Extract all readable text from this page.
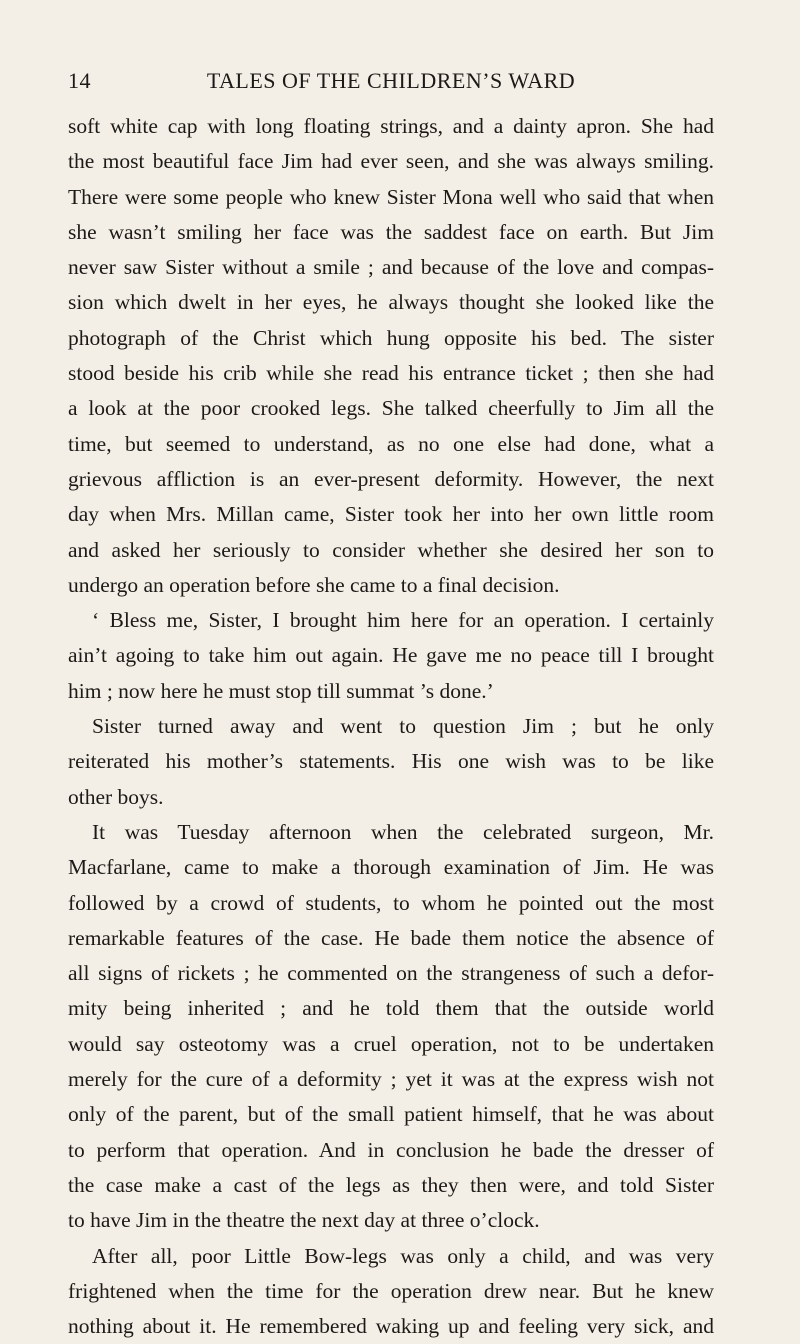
14	TALES OF THE CHILDREN’S WARD
soft white cap with long floating strings, and a dainty apron. She had
the most beautiful face Jim had ever seen, and she was always smiling.
There were some people who knew Sister Mona well who said that when
she wasn’t smiling her face was the saddest face on earth. But Jim
never saw Sister without a smile ; and because of the love and compas-
sion which dwelt in her eyes, he always thought she looked like the
photograph of the Christ which hung opposite his bed. The sister
stood beside his crib while she read his entrance ticket ; then she had
a look at the poor crooked legs. She talked cheerfully to Jim all the
time, but seemed to understand, as no one else had done, what a
grievous affliction is an ever-present deformity. However, the next
day when Mrs. Millan came, Sister took her into her own little room
and asked her seriously to consider whether she desired her son to
undergo an operation before she came to a final decision.
‘ Bless me, Sister, I brought him here for an operation. I certainly
ain’t agoing to take him out again. He gave me no peace till I brought
him ; now here he must stop till summat ’s done.’
Sister turned away and went to question Jim ; but he only
reiterated his mother’s statements. His one wish was to be like
other boys.
It was Tuesday afternoon when the celebrated surgeon, Mr.
Macfarlane, came to make a thorough examination of Jim. He was
followed by a crowd of students, to whom he pointed out the most
remarkable features of the case. He bade them notice the absence of
all signs of rickets ; he commented on the strangeness of such a defor-
mity being inherited ; and he told them that the outside world
would say osteotomy was a cruel operation, not to be undertaken
merely for the cure of a deformity ; yet it was at the express wish not
only of the parent, but of the small patient himself, that he was about
to perform that operation. And in conclusion he bade the dresser of
the case make a cast of the legs as they then were, and told Sister
to have Jim in the theatre the next day at three o’clock.
After all, poor Little Bow-legs was only a child, and was very
frightened when the time for the operation drew near. But he knew
nothing about it. He remembered waking up and feeling very sick, and
